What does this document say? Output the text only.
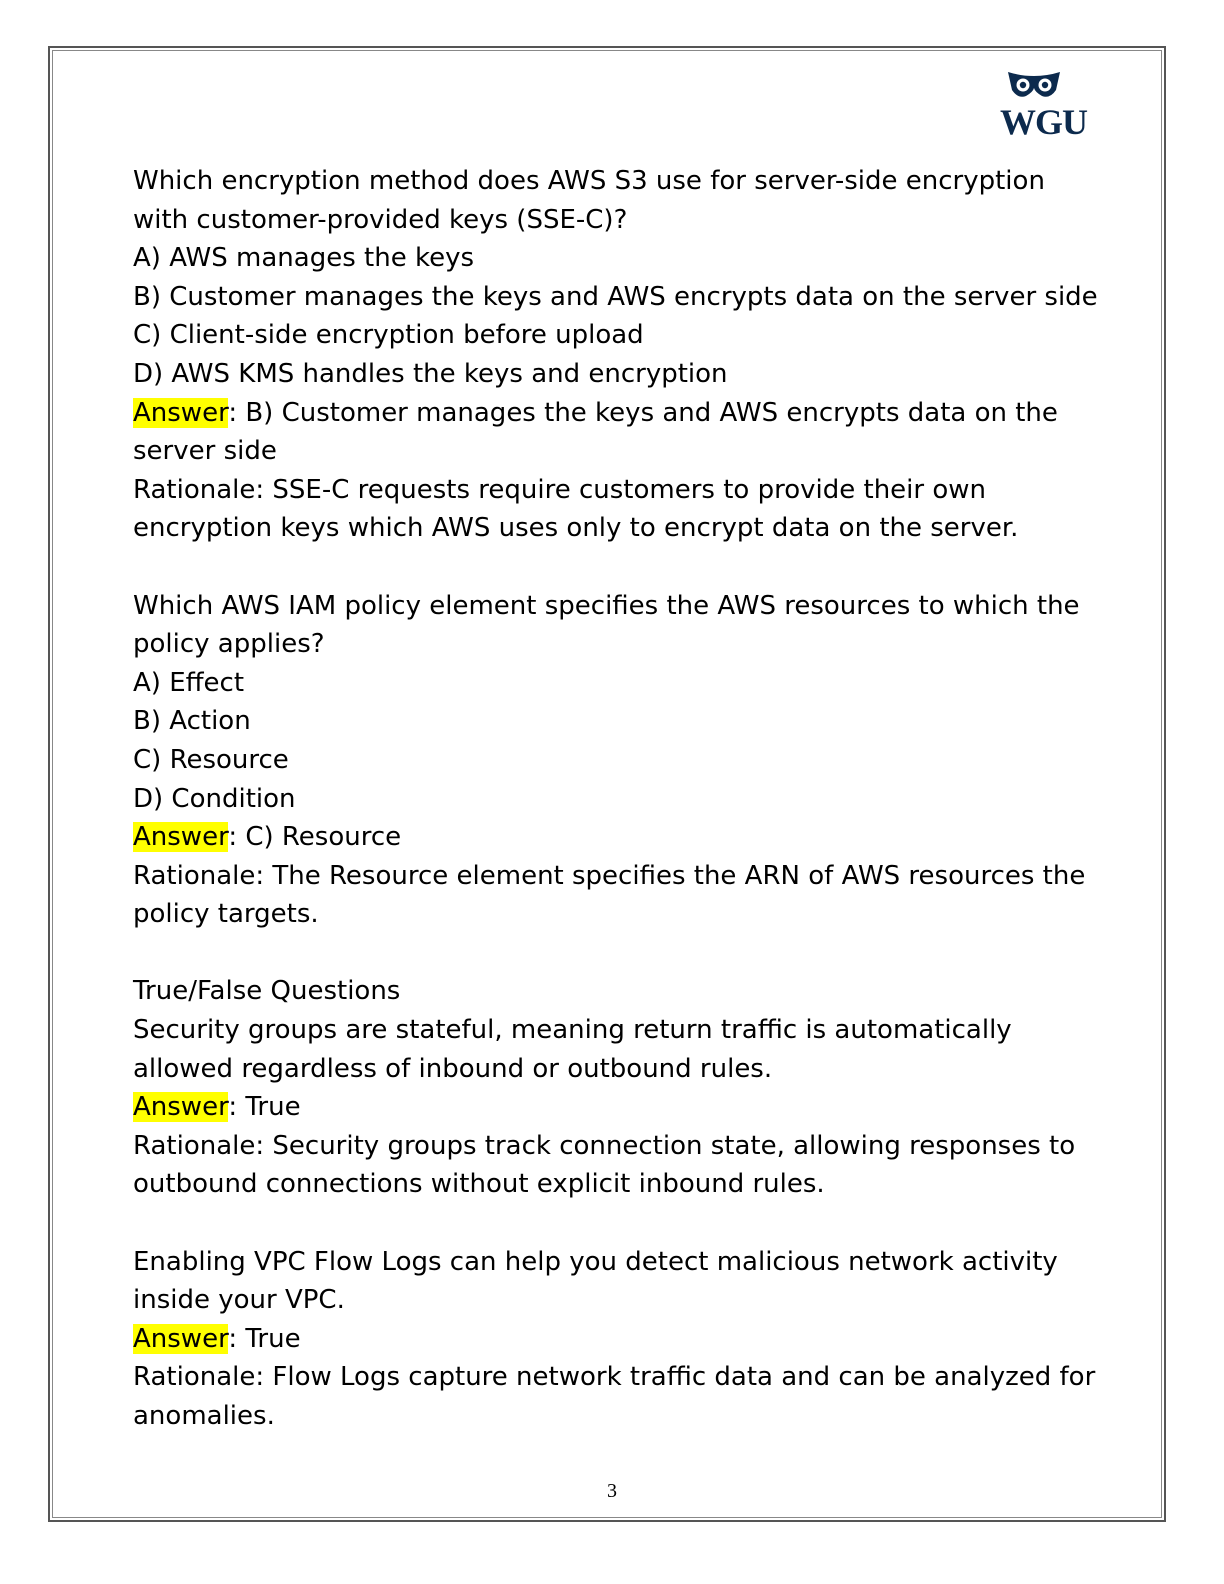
WGU
Which encryption method does AWS S3 use for server-side encryption
with customer-provided keys (SSE-C)?
A) AWS manages the keys
B) Customer manages the keys and AWS encrypts data on the server side
C) Client-side encryption before upload
D) AWS KMS handles the keys and encryption
Answer: B) Customer manages the keys and AWS encrypts data on the
server side
Rationale: SSE-C requests require customers to provide their own
encryption keys which AWS uses only to encrypt data on the server.
Which AWS IAM policy element specifies the AWS resources to which the
policy applies?
A) Effect
B) Action
C) Resource
D) Condition
Answer: C) Resource
Rationale: The Resource element specifies the ARN of AWS resources the
policy targets.
True/False Questions
Security groups are stateful, meaning return traffic is automatically
allowed regardless of inbound or outbound rules.
Answer: True
Rationale: Security groups track connection state, allowing responses to
outbound connections without explicit inbound rules.
Enabling VPC Flow Logs can help you detect malicious network activity
inside your VPC.
Answer: True
Rationale: Flow Logs capture network traffic data and can be analyzed for
anomalies.
3
